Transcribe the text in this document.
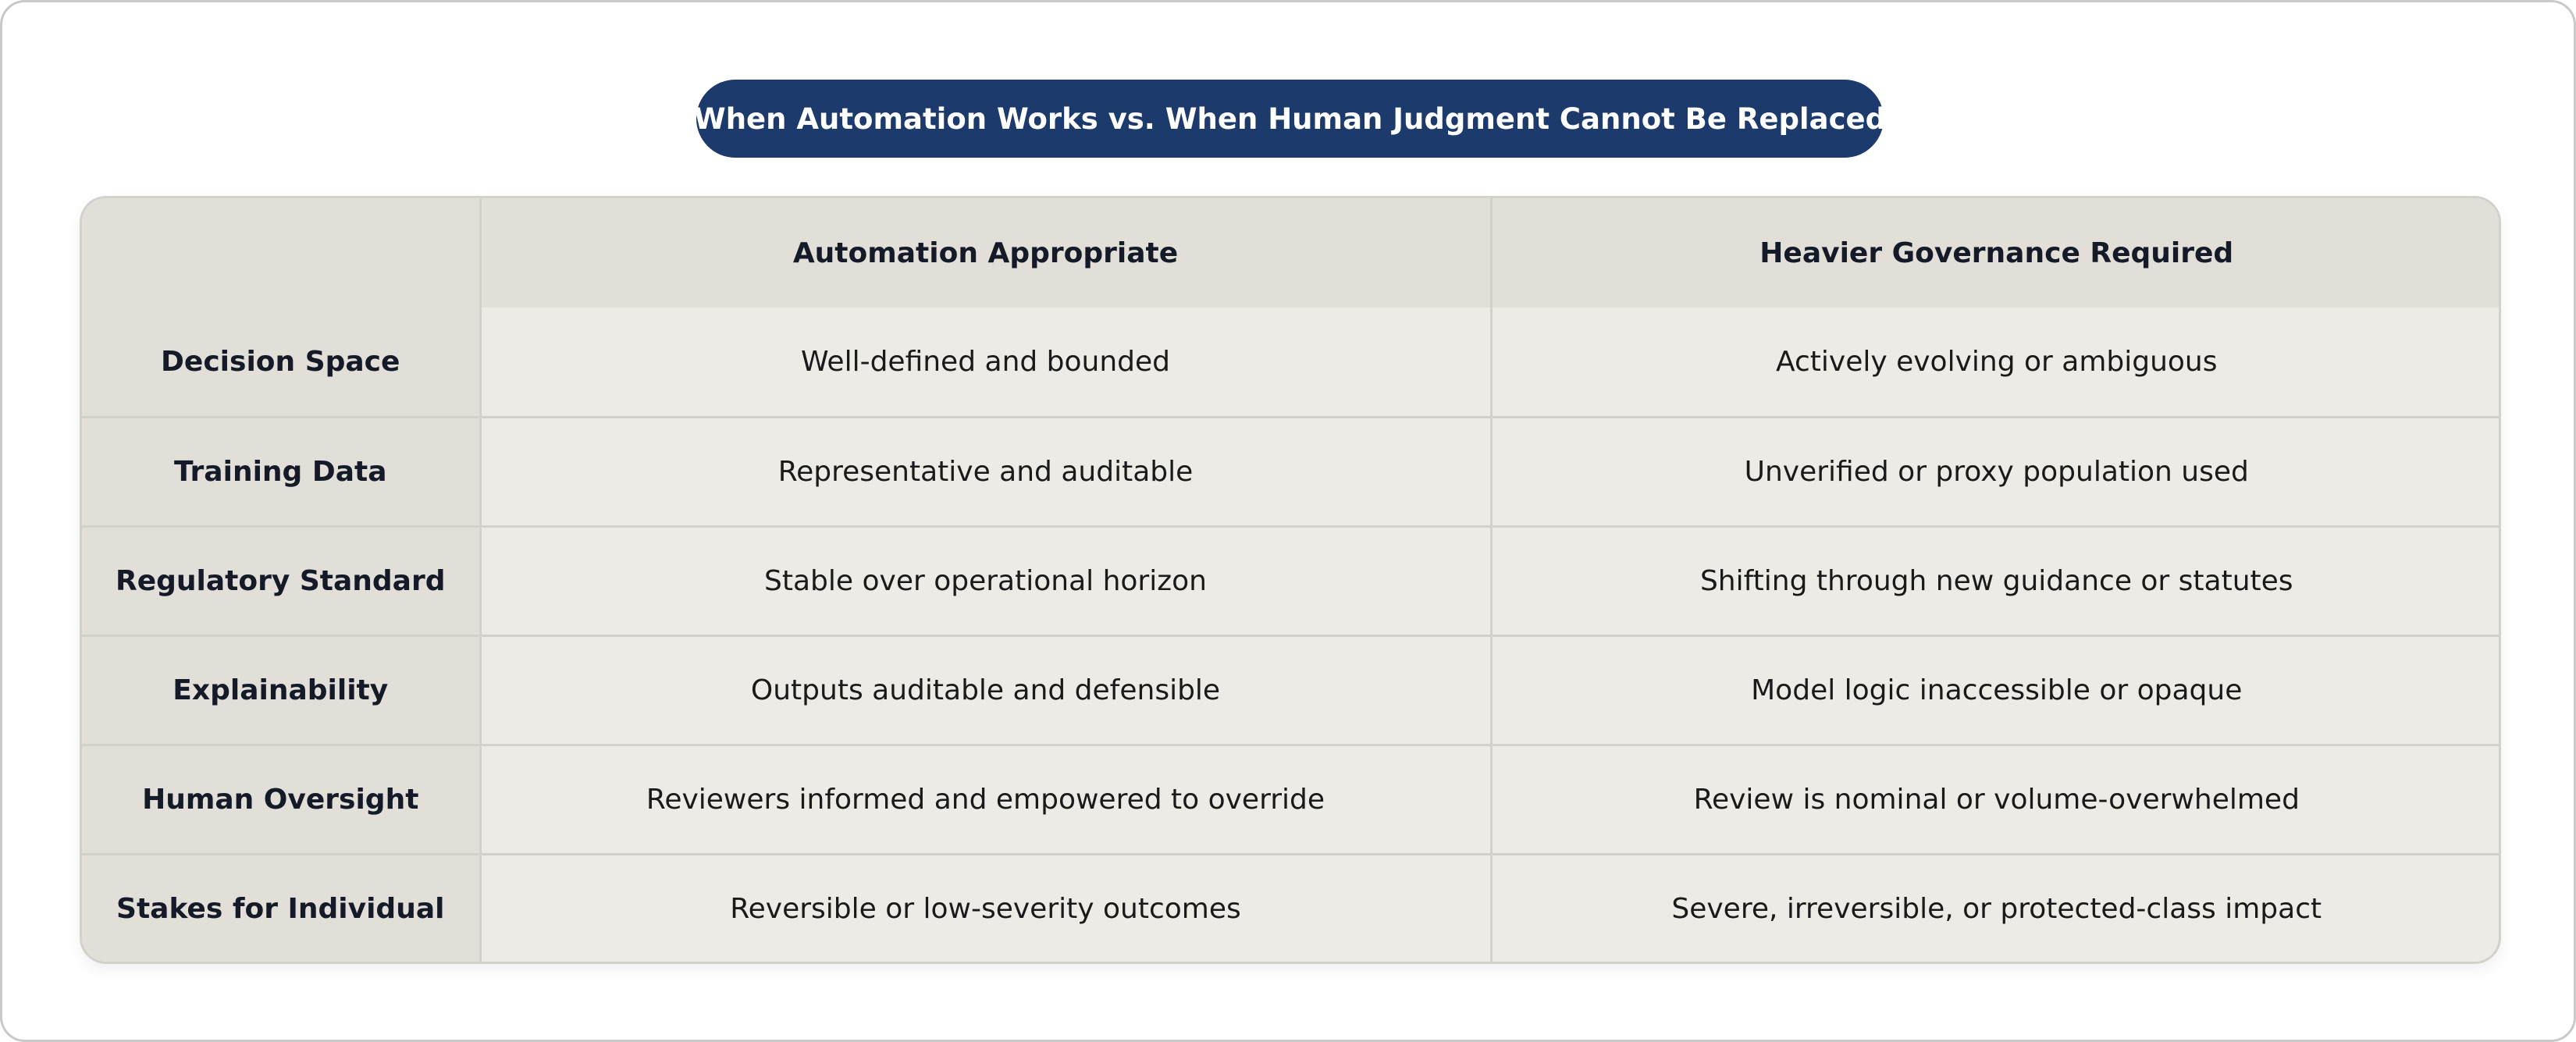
When Automation Works vs. When Human Judgment Cannot Be Replaced
	Automation Appropriate	Heavier Governance Required
Decision Space	Well-defined and bounded	Actively evolving or ambiguous
Training Data	Representative and auditable	Unverified or proxy population used
Regulatory Standard	Stable over operational horizon	Shifting through new guidance or statutes
Explainability	Outputs auditable and defensible	Model logic inaccessible or opaque
Human Oversight	Reviewers informed and empowered to override	Review is nominal or volume-overwhelmed
Stakes for Individual	Reversible or low-severity outcomes	Severe, irreversible, or protected-class impact
